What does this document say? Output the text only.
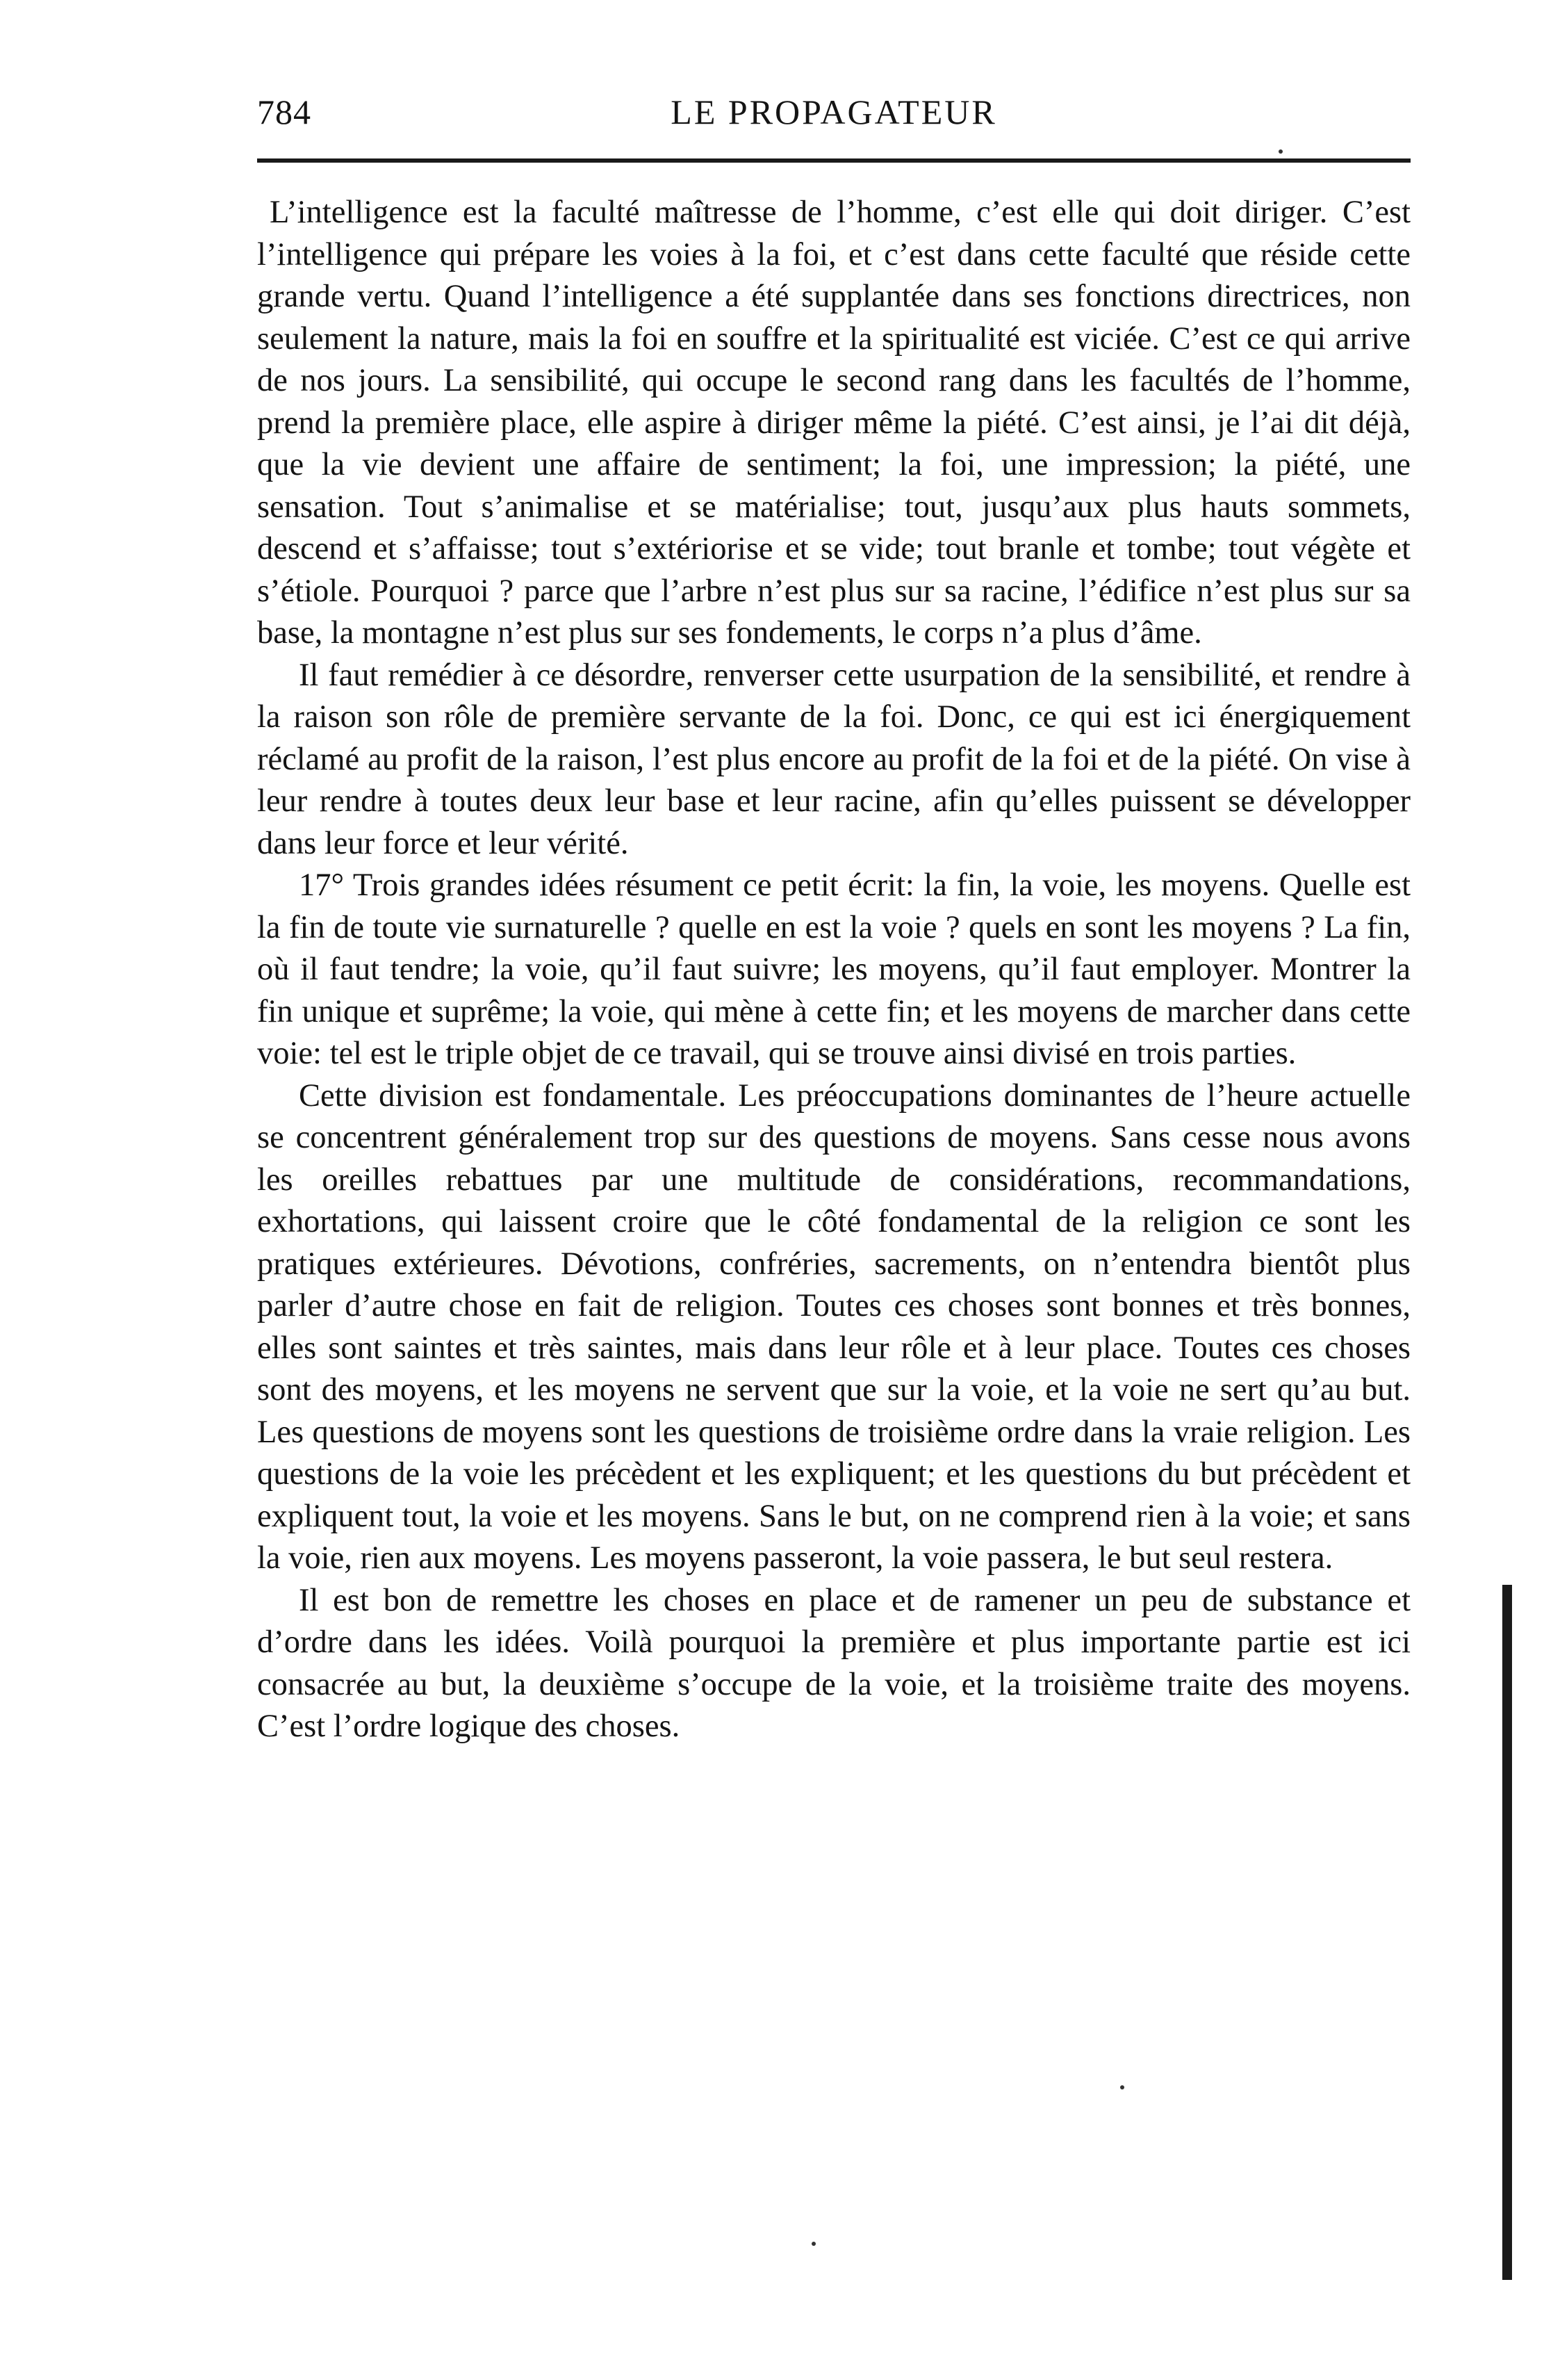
784	LE PROPAGATEUR

L’intelligence est la faculté maîtresse de l’homme, c’est elle qui doit diriger. C’est l’intelligence qui prépare les voies à la foi, et c’est dans cette faculté que réside cette grande vertu. Quand l’intelligence a été supplantée dans ses fonctions directrices, non seulement la nature, mais la foi en souffre et la spiritualité est viciée. C’est ce qui arrive de nos jours. La sensibilité, qui occupe le second rang dans les facultés de l’homme, prend la première place, elle aspire à diriger même la piété. C’est ainsi, je l’ai dit déjà, que la vie devient une affaire de sentiment; la foi, une impression; la piété, une sensation. Tout s’animalise et se matérialise; tout, jusqu’aux plus hauts sommets, descend et s’affaisse; tout s’extériorise et se vide; tout branle et tombe; tout végète et s’étiole. Pourquoi ? parce que l’arbre n’est plus sur sa racine, l’édifice n’est plus sur sa base, la montagne n’est plus sur ses fondements, le corps n’a plus d’âme.

Il faut remédier à ce désordre, renverser cette usurpation de la sensibilité, et rendre à la raison son rôle de première servante de la foi. Donc, ce qui est ici énergiquement réclamé au profit de la raison, l’est plus encore au profit de la foi et de la piété. On vise à leur rendre à toutes deux leur base et leur racine, afin qu’elles puissent se développer dans leur force et leur vérité.

17° Trois grandes idées résument ce petit écrit: la fin, la voie, les moyens. Quelle est la fin de toute vie surnaturelle ? quelle en est la voie ? quels en sont les moyens ? La fin, où il faut tendre; la voie, qu’il faut suivre; les moyens, qu’il faut employer. Montrer la fin unique et suprême; la voie, qui mène à cette fin; et les moyens de marcher dans cette voie: tel est le triple objet de ce travail, qui se trouve ainsi divisé en trois parties.

Cette division est fondamentale. Les préoccupations dominantes de l’heure actuelle se concentrent généralement trop sur des questions de moyens. Sans cesse nous avons les oreilles rebattues par une multitude de considérations, recommandations, exhortations, qui laissent croire que le côté fondamental de la religion ce sont les pratiques extérieures. Dévotions, confréries, sacrements, on n’entendra bientôt plus parler d’autre chose en fait de religion. Toutes ces choses sont bonnes et très bonnes, elles sont saintes et très saintes, mais dans leur rôle et à leur place. Toutes ces choses sont des moyens, et les moyens ne servent que sur la voie, et la voie ne sert qu’au but. Les questions de moyens sont les questions de troisième ordre dans la vraie religion. Les questions de la voie les précèdent et les expliquent; et les questions du but précèdent et expliquent tout, la voie et les moyens. Sans le but, on ne comprend rien à la voie; et sans la voie, rien aux moyens. Les moyens passeront, la voie passera, le but seul restera.

Il est bon de remettre les choses en place et de ramener un peu de substance et d’ordre dans les idées. Voilà pourquoi la première et plus importante partie est ici consacrée au but, la deuxième s’occupe de la voie, et la troisième traite des moyens. C’est l’ordre logique des choses.
